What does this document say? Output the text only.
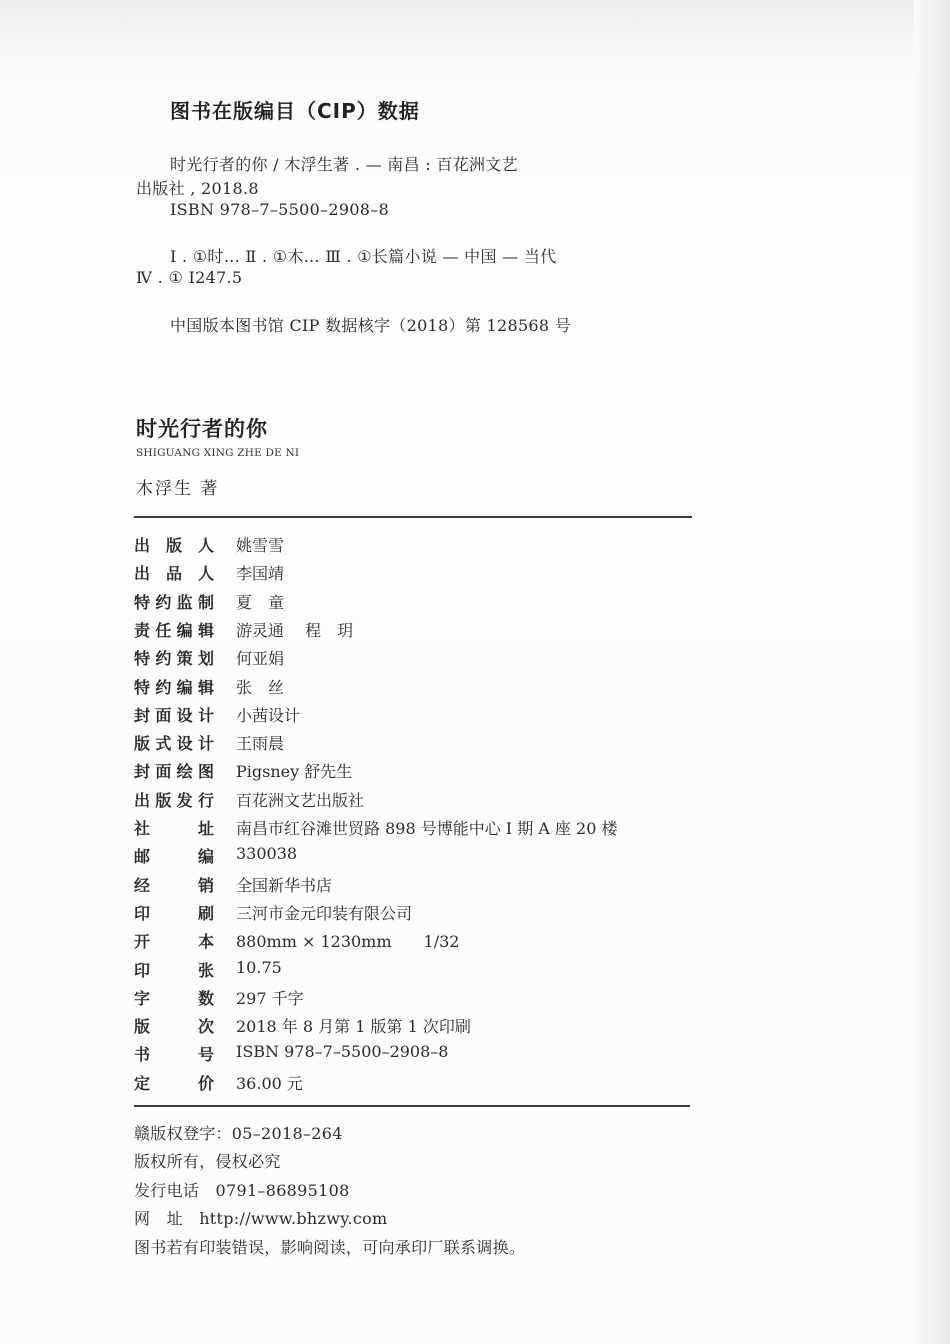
图书在版编目（CIP）数据
时光行者的你 / 木浮生著 . — 南昌 : 百花洲文艺
出版社 , 2018.8
ISBN 978–7–5500–2908–8
Ⅰ . ①时… Ⅱ . ①木… Ⅲ . ①长篇小说 — 中国 — 当代
Ⅳ . ① I247.5
中国版本图书馆 CIP 数据核字（2018）第 128568 号
时光行者的你
SHIGUANG XING ZHE DE NI
木浮生 著
出 版 人 姚雪雪
出 品 人 李国靖
特 约 监 制 夏　童
责 任 编 辑 游灵通　 程　玥
特 约 策 划 何亚娟
特 约 编 辑 张　丝
封 面 设 计 小茜设计
版 式 设 计 王雨晨
封 面 绘 图 Pigsney 舒先生
出 版 发 行 百花洲文艺出版社
社	址 南昌市红谷滩世贸路 898 号博能中心 I 期 A 座 20 楼
邮	编 330038
经	销 全国新华书店
印	刷 三河市金元印装有限公司
开	本 880mm × 1230mm　　1/32
印	张 10.75
字	数 297 千字
版	次 2018 年 8 月第 1 版第 1 次印刷
书	号 ISBN 978–7–5500–2908–8
定	价 36.00 元
赣版权登字：05–2018–264
版权所有，侵权必究
发行电话　0791–86895108
网　址　http://www.bhzwy.com
图书若有印装错误，影响阅读，可向承印厂联系调换。
